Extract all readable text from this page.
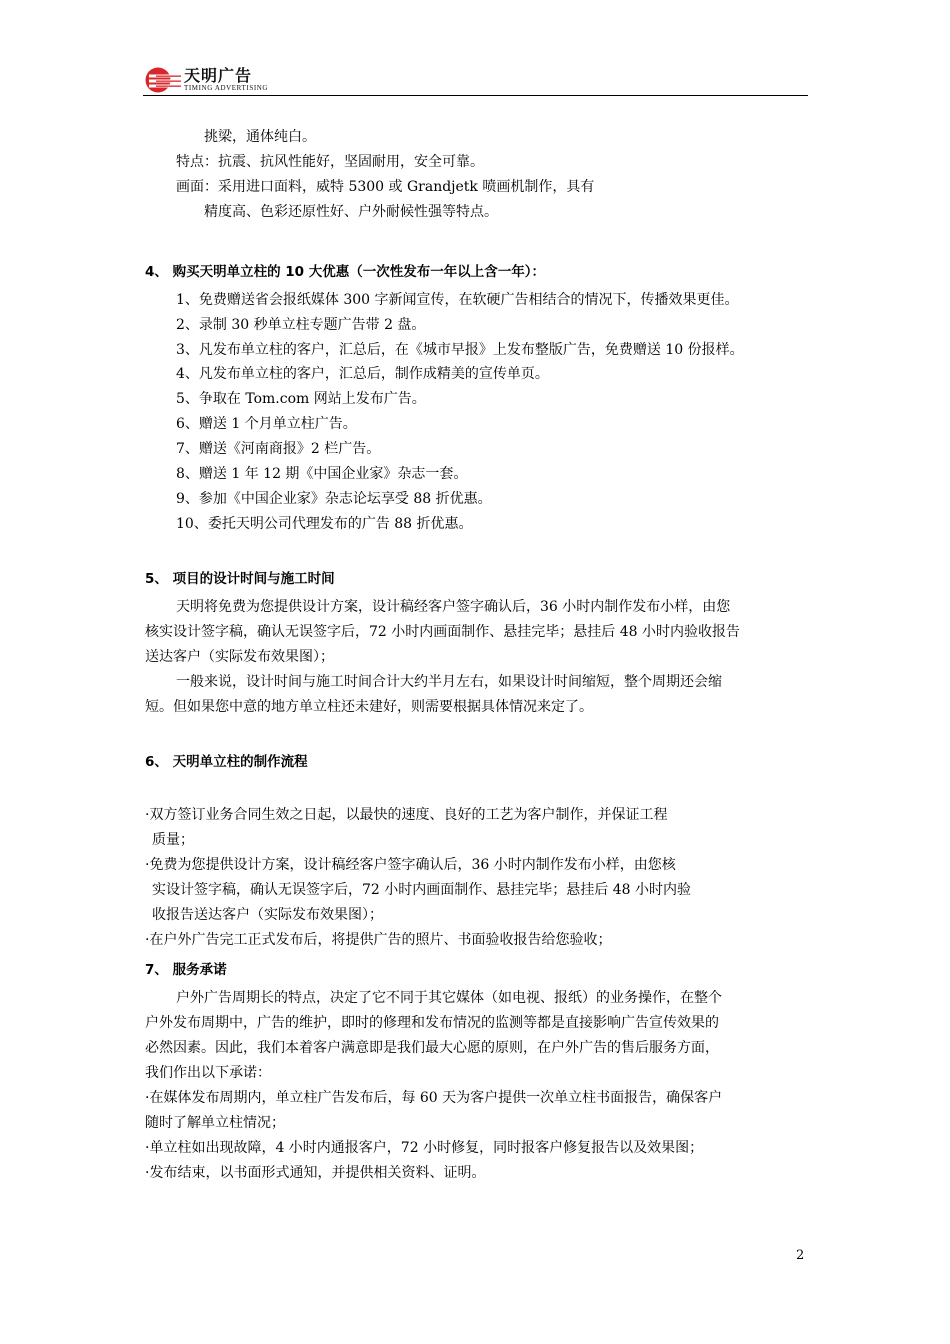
天明广告
TIMING ADVERTISING
挑梁，通体纯白。
特点：抗震、抗风性能好，坚固耐用，安全可靠。
画面：采用进口面料，威特 5300 或 Grandjetk 喷画机制作，具有
精度高、色彩还原性好、户外耐候性强等特点。
4、 购买天明单立柱的 10 大优惠（一次性发布一年以上含一年）：
1、免费赠送省会报纸媒体 300 字新闻宣传，在软硬广告相结合的情况下，传播效果更佳。
2、录制 30 秒单立柱专题广告带 2 盘。
3、凡发布单立柱的客户，汇总后，在《城市早报》上发布整版广告，免费赠送 10 份报样。
4、凡发布单立柱的客户，汇总后，制作成精美的宣传单页。
5、争取在 Tom.com 网站上发布广告。
6、赠送 1 个月单立柱广告。
7、赠送《河南商报》2 栏广告。
8、赠送 1 年 12 期《中国企业家》杂志一套。
9、参加《中国企业家》杂志论坛享受 88 折优惠。
10、委托天明公司代理发布的广告 88 折优惠。
5、 项目的设计时间与施工时间
天明将免费为您提供设计方案，设计稿经客户签字确认后，36 小时内制作发布小样，由您
核实设计签字稿，确认无误签字后，72 小时内画面制作、悬挂完毕；悬挂后 48 小时内验收报告
送达客户（实际发布效果图）；
一般来说，设计时间与施工时间合计大约半月左右，如果设计时间缩短，整个周期还会缩
短。但如果您中意的地方单立柱还未建好，则需要根据具体情况来定了。
6、 天明单立柱的制作流程
·双方签订业务合同生效之日起，以最快的速度、良好的工艺为客户制作，并保证工程
质量；
·免费为您提供设计方案，设计稿经客户签字确认后，36 小时内制作发布小样，由您核
实设计签字稿，确认无误签字后，72 小时内画面制作、悬挂完毕；悬挂后 48 小时内验
收报告送达客户（实际发布效果图）；
·在户外广告完工正式发布后，将提供广告的照片、书面验收报告给您验收；
7、 服务承诺
户外广告周期长的特点，决定了它不同于其它媒体（如电视、报纸）的业务操作，在整个
户外发布周期中，广告的维护，即时的修理和发布情况的监测等都是直接影响广告宣传效果的
必然因素。因此，我们本着客户满意即是我们最大心愿的原则，在户外广告的售后服务方面，
我们作出以下承诺：
·在媒体发布周期内，单立柱广告发布后，每 60 天为客户提供一次单立柱书面报告，确保客户
随时了解单立柱情况；
·单立柱如出现故障，4 小时内通报客户，72 小时修复，同时报客户修复报告以及效果图；
·发布结束，以书面形式通知，并提供相关资料、证明。
2
